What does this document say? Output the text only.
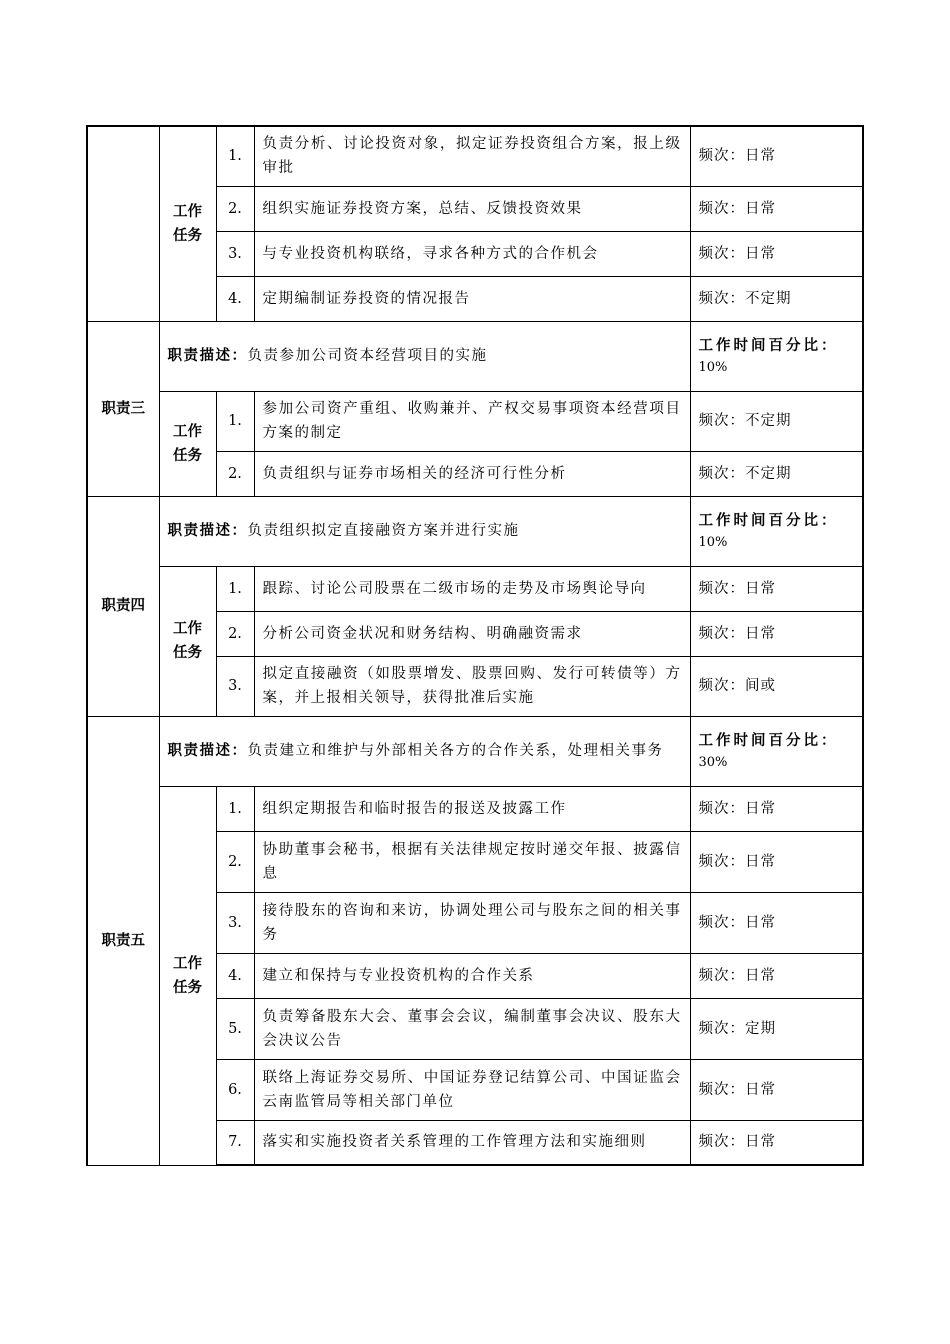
	工作
任务	1.	负责分析、讨论投资对象，拟定证券投资组合方案，报上级审批	频次：日常
		2.	组织实施证券投资方案，总结、反馈投资效果	频次：日常
		3.	与专业投资机构联络，寻求各种方式的合作机会	频次：日常
		4.	定期编制证券投资的情况报告	频次：不定期
职责三	职责描述：负责参加公司资本经营项目的实施			工作时间百分比：
10%

	工作
任务	1.	参加公司资产重组、收购兼并、产权交易事项资本经营项目方案的制定	频次：不定期
		2.	负责组织与证券市场相关的经济可行性分析	频次：不定期
职责四	职责描述：负责组织拟定直接融资方案并进行实施			工作时间百分比：
10%

	工作
任务	1.	跟踪、讨论公司股票在二级市场的走势及市场舆论导向	频次：日常
		2.	分析公司资金状况和财务结构、明确融资需求	频次：日常
		3.	拟定直接融资（如股票增发、股票回购、发行可转债等）方案，并上报相关领导，获得批准后实施	频次：间或
职责五	职责描述：负责建立和维护与外部相关各方的合作关系，处理相关事务			工作时间百分比：
30%

	工作
任务	1.	组织定期报告和临时报告的报送及披露工作	频次：日常
		2.	协助董事会秘书，根据有关法律规定按时递交年报、披露信息	频次：日常
		3.	接待股东的咨询和来访，协调处理公司与股东之间的相关事务	频次：日常
		4.	建立和保持与专业投资机构的合作关系	频次：日常
		5.	负责筹备股东大会、董事会会议，编制董事会决议、股东大会决议公告	频次：定期
		6.	联络上海证券交易所、中国证券登记结算公司、中国证监会云南监管局等相关部门单位	频次：日常
		7.	落实和实施投资者关系管理的工作管理方法和实施细则	频次：日常
